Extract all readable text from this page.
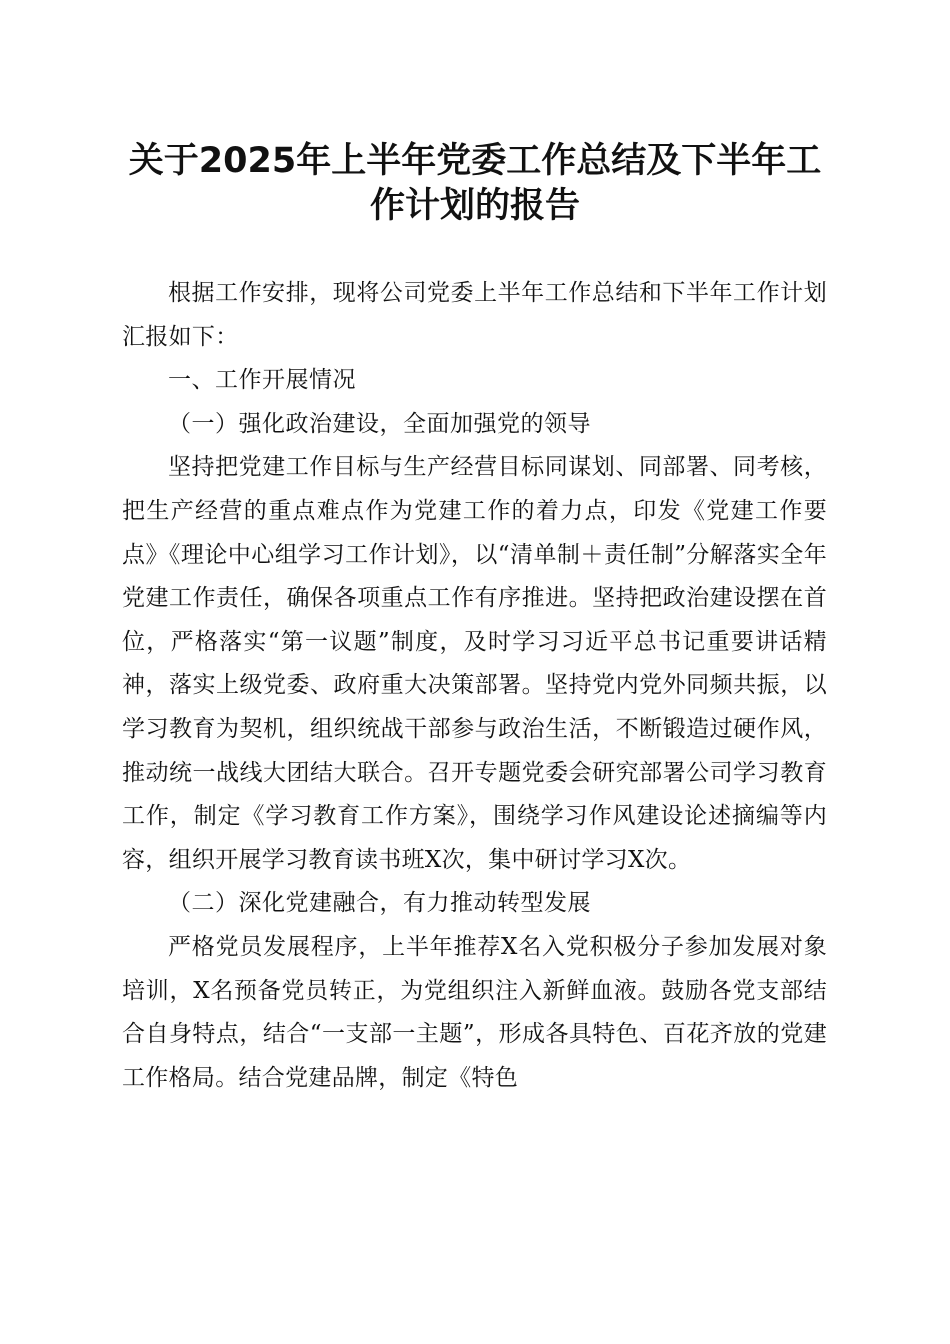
关于2025年上半年党委工作总结及下半年工
作计划的报告

根据工作安排，现将公司党委上半年工作总结和下半年工作计划汇报如下：

一、工作开展情况

（一）强化政治建设，全面加强党的领导

坚持把党建工作目标与生产经营目标同谋划、同部署、同考核，把生产经营的重点难点作为党建工作的着力点，印发《党建工作要点》《理论中心组学习工作计划》，以“清单制＋责任制”分解落实全年党建工作责任，确保各项重点工作有序推进。坚持把政治建设摆在首位，严格落实“第一议题”制度，及时学习习近平总书记重要讲话精神，落实上级党委、政府重大决策部署。坚持党内党外同频共振，以学习教育为契机，组织统战干部参与政治生活，不断锻造过硬作风，推动统一战线大团结大联合。召开专题党委会研究部署公司学习教育工作，制定《学习教育工作方案》，围绕学习作风建设论述摘编等内容，组织开展学习教育读书班X次，集中研讨学习X次。

（二）深化党建融合，有力推动转型发展

严格党员发展程序，上半年推荐X名入党积极分子参加发展对象培训，X名预备党员转正，为党组织注入新鲜血液。鼓励各党支部结合自身特点，结合“一支部一主题”，形成各具特色、百花齐放的党建工作格局。结合党建品牌，制定《特色
